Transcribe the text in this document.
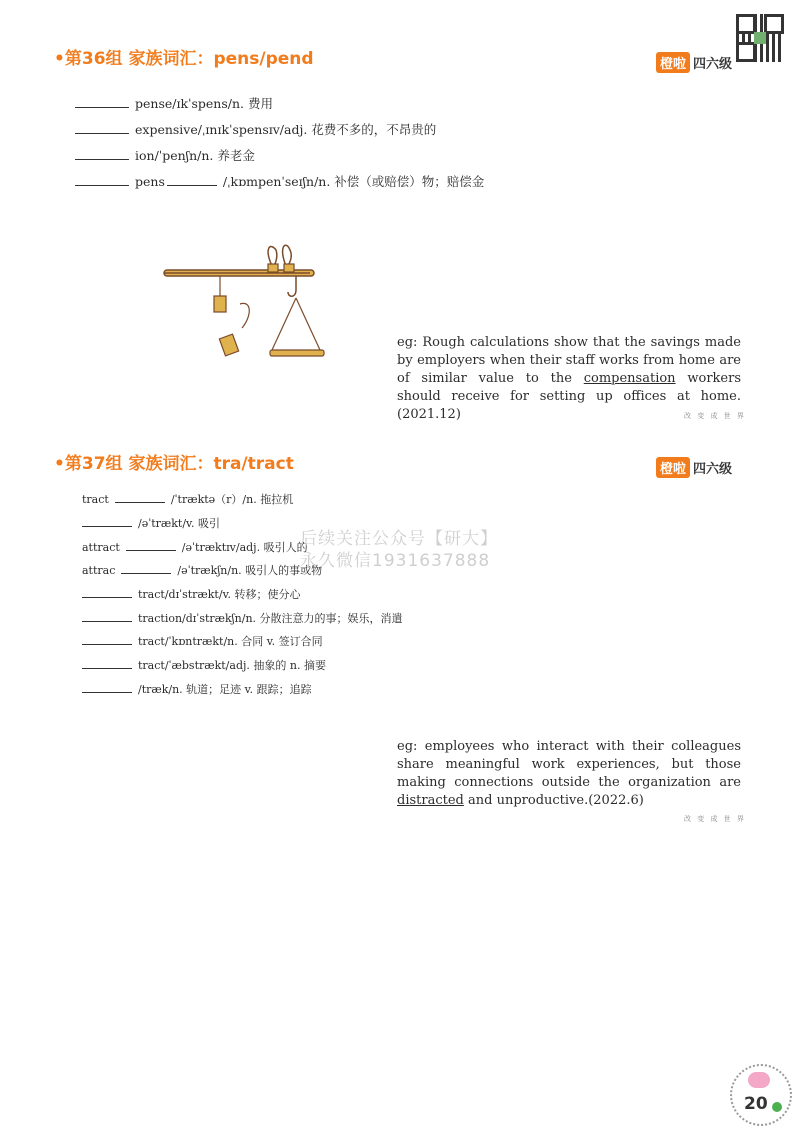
•第36组 家族词汇：pens/pend	橙啦 四六级
pense/ɪkˈspens/n. 费用
expensive/ˌɪnɪkˈspensɪv/adj. 花费不多的，不昂贵的
ion/ˈpenʃn/n. 养老金
pens	/ˌkɒmpenˈseɪʃn/n. 补偿（或赔偿）物；赔偿金
eg: Rough calculations show that the savings made by employers when their staff works from home are of similar value to the compensation workers should receive for setting up offices at home.(2021.12)	改 变 成 世 界
•第37组 家族词汇：tra/tract	橙啦 四六级
tract	/ˈtræktə（r）/n. 拖拉机
/əˈtrækt/v. 吸引
attract	/əˈtræktɪv/adj. 吸引人的
attrac	/əˈtrækʃn/n. 吸引人的事或物
tract/dɪˈstrækt/v. 转移；使分心
traction/dɪˈstrækʃn/n. 分散注意力的事；娱乐，消遣
tract/ˈkɒntrækt/n. 合同 v. 签订合同
tract/ˈæbstrækt/adj. 抽象的 n. 摘要
/træk/n. 轨道；足迹 v. 跟踪；追踪
后续关注公众号【研大】
永久微信1931637888
eg: employees who interact with their colleagues share meaningful work experiences, but those making connections outside the organization are distracted and unproductive.(2022.6)
改 变 成 世 界
20
